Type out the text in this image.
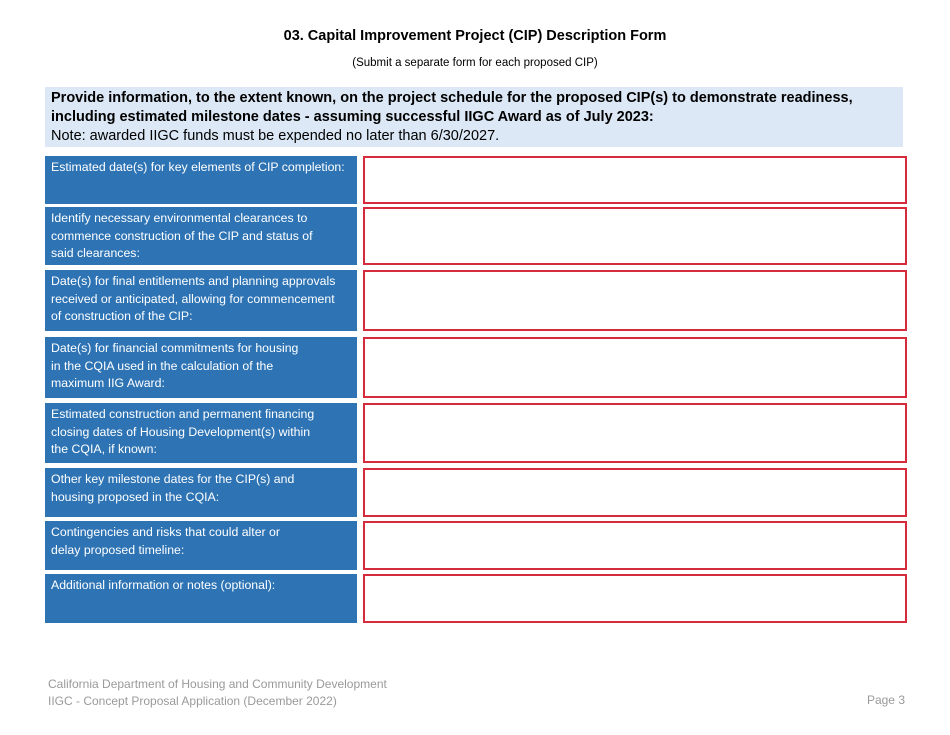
03. Capital Improvement Project (CIP) Description Form
(Submit a separate form for each proposed CIP)
Provide information, to the extent known, on the project schedule for the proposed CIP(s) to demonstrate readiness, including estimated milestone dates - assuming successful IIGC Award as of July 2023:
Note: awarded IIGC funds must be expended no later than 6/30/2027.
Estimated date(s) for key elements of CIP completion:
Identify necessary environmental clearances to commence construction of the CIP and status of said clearances:
Date(s) for final entitlements and planning approvals received or anticipated, allowing for commencement of construction of the CIP:
Date(s) for financial commitments for housing in the CQIA used in the calculation of the maximum IIG Award:
Estimated construction and permanent financing closing dates of Housing Development(s) within the CQIA, if known:
Other key milestone dates for the CIP(s) and housing proposed in the CQIA:
Contingencies and risks that could alter or delay proposed timeline:
Additional information or notes (optional):
California Department of Housing and Community Development
IIGC - Concept Proposal Application (December 2022)	Page 3
